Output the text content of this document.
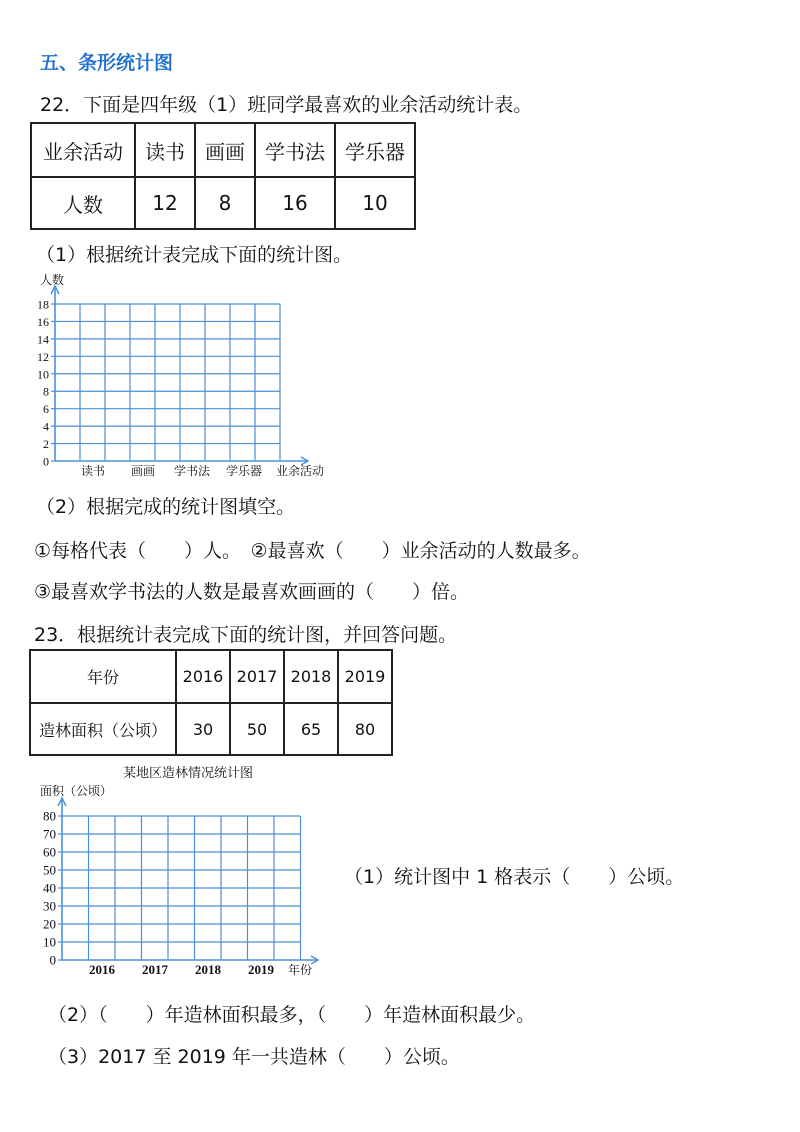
五、条形统计图
22．下面是四年级（1）班同学最喜欢的业余活动统计表。
业余活动	读书	画画	学书法	学乐器
人数	12	8	16	10
（1）根据统计表完成下面的统计图。
0
2
4
6
8
10
12
14
16
18
人数
业余活动
读书 画画 学书法 学乐器
（2）根据完成的统计图填空。
①每格代表（　　）人。　②最喜欢（　　）业余活动的人数最多。
③最喜欢学书法的人数是最喜欢画画的（　　）倍。
23．根据统计表完成下面的统计图，并回答问题。
年份	2016	2017	2018	2019
造林面积（公顷）	30	50	65	80
0
10
20
30
40
50
60
70
80
面积（公顷）
年份
2016 2017 2018 2019
某地区造林情况统计图
（1）统计图中 1 格表示（　　）公顷。
（2）（　　）年造林面积最多，（　　）年造林面积最少。
（3）2017 至 2019 年一共造林（　　）公顷。
